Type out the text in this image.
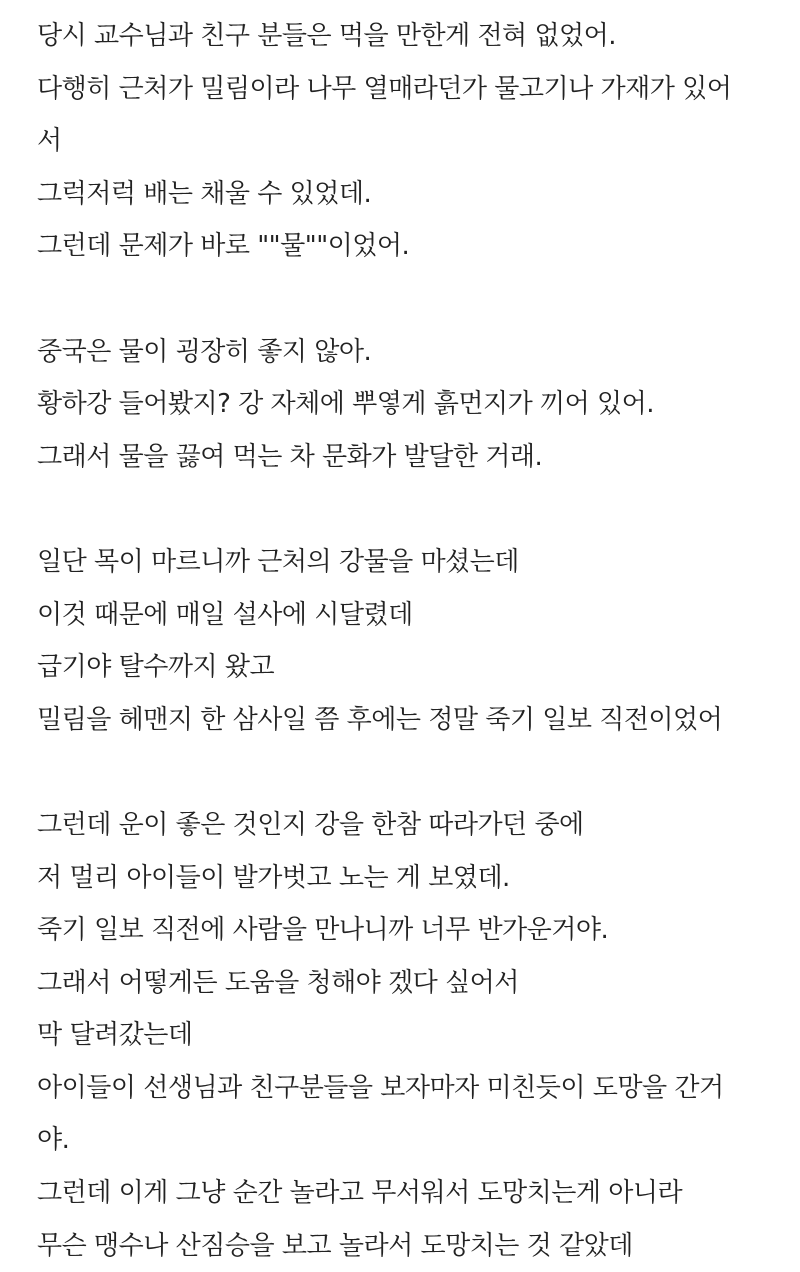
당시 교수님과 친구 분들은 먹을 만한게 전혀 없었어.
다행히 근처가 밀림이라 나무 열매라던가 물고기나 가재가 있어
서
그럭저럭 배는 채울 수 있었데.
그런데 문제가 바로 ""물""이었어.
중국은 물이 굉장히 좋지 않아.
황하강 들어봤지? 강 자체에 뿌옇게 흙먼지가 끼어 있어.
그래서 물을 끓여 먹는 차 문화가 발달한 거래.
일단 목이 마르니까 근처의 강물을 마셨는데
이것 때문에 매일 설사에 시달렸데
급기야 탈수까지 왔고
밀림을 헤맨지 한 삼사일 쯤 후에는 정말 죽기 일보 직전이었어
그런데 운이 좋은 것인지 강을 한참 따라가던 중에
저 멀리 아이들이 발가벗고 노는 게 보였데.
죽기 일보 직전에 사람을 만나니까 너무 반가운거야.
그래서 어떻게든 도움을 청해야 겠다 싶어서
막 달려갔는데
아이들이 선생님과 친구분들을 보자마자 미친듯이 도망을 간거
야.
그런데 이게 그냥 순간 놀라고 무서워서 도망치는게 아니라
무슨 맹수나 산짐승을 보고 놀라서 도망치는 것 같았데
